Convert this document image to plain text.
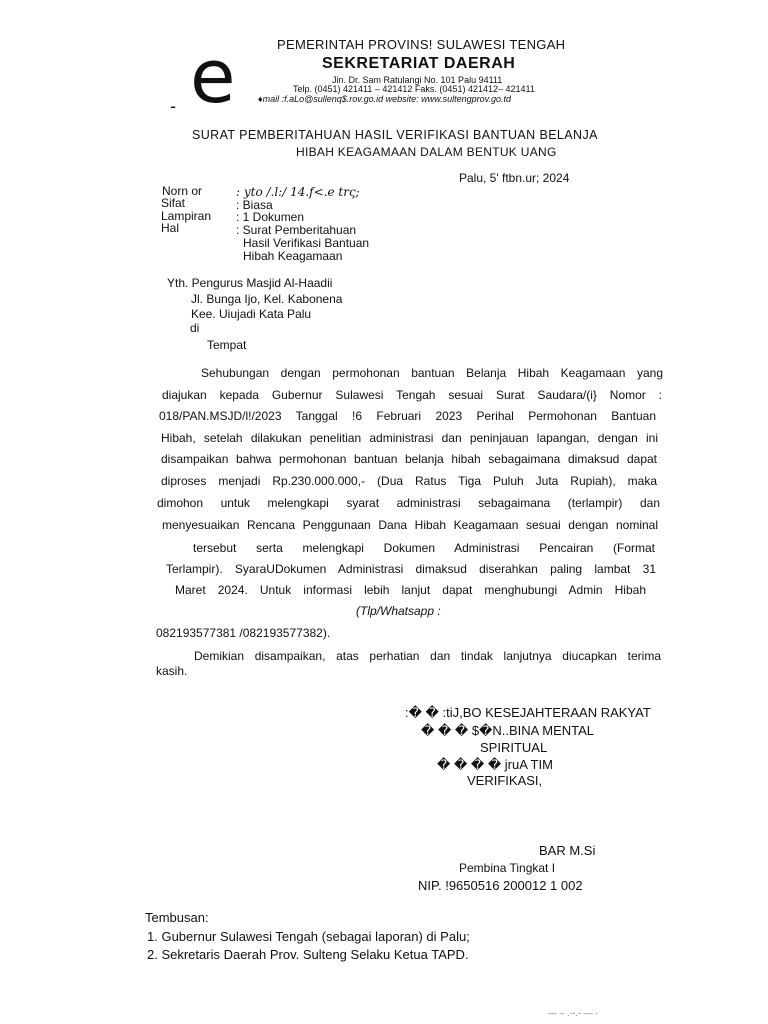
e
-
PEMERINTAH PROVINS! SULAWESI TENGAH
SEKRETARIAT DAERAH
Jin. Dr. Sam Ratulangi No. 101 Palu 94111
Telp. (0451) 421411 – 421412 Faks. (0451) 421412– 421411
♦mail :f.aLo@sullenq$.rov.go.id website: www.sultengprov.go.td
SURAT PEMBERITAHUAN HASIL VERIFIKASI BANTUAN BELANJA
HIBAH KEAGAMAAN DALAM BENTUK UANG
Palu, 5' ftbn.ur; 2024
Norn or
Sifat
Lampiran
Hal
: yto /‪‬.l:∕ 14.f<.e trς;
: Biasa
: 1 Dokumen
: Surat Pemberitahuan
Hasil Verifikasi Bantuan
Hibah Keagamaan
Yth. Pengurus Masjid Al-Haadii
Jl. Bunga Ijo, Kel. Kabonena
Kee. Uiujadi Kata Palu
di
Tempat
Sehubungan dengan permohonan bantuan Belanja Hibah Keagamaan yang
diajukan kepada Gubernur Sulawesi Tengah sesuai Surat Saudara/(i} Nomor :
018/PAN.MSJD/l!/2023 Tanggal !6 Februari 2023 Perihal Permohonan Bantuan
Hibah, setelah dilakukan penelitian administrasi dan peninjauan lapangan, dengan ini
disampaikan bahwa permohonan bantuan belanja hibah sebagaimana dimaksud dapat
diproses menjadi Rp.230.000.000,- (Dua Ratus Tiga Puluh Juta Rupiah), maka
dimohon untuk melengkapi syarat administrasi sebagaimana (terlampir) dan
menyesuaikan Rencana Penggunaan Dana Hibah Keagamaan sesuai dengan nominal
tersebut serta melengkapi Dokumen Administrasi Pencairan (Format
Terlampir). SyaraUDokumen Administrasi dimaksud diserahkan paling lambat 31
Maret 2024. Untuk informasi lebih lanjut dapat menghubungi Admin Hibah
(Tlp/Whatsapp :
082193577381 /082193577382).
Demikian disampaikan, atas perhatian dan tindak lanjutnya diucapkan terima
kasih.
:� � :tiJ,BO KESEJAHTERAAN RAKYAT
� � � $�N..BINA MENTAL
SPIRITUAL
� � � � jruA TIM
VERIFIKASI,
BAR M.Si
Pembina Tingkat I
NIP. !9650516 200012 1 002
Tembusan:
1. Gubernur Sulawesi Tengah (sebagai laporan) di Palu;
2. Sekretaris Daerah Prov. Sulteng Selaku Ketua TAPD.
— – .·-.- — ·
